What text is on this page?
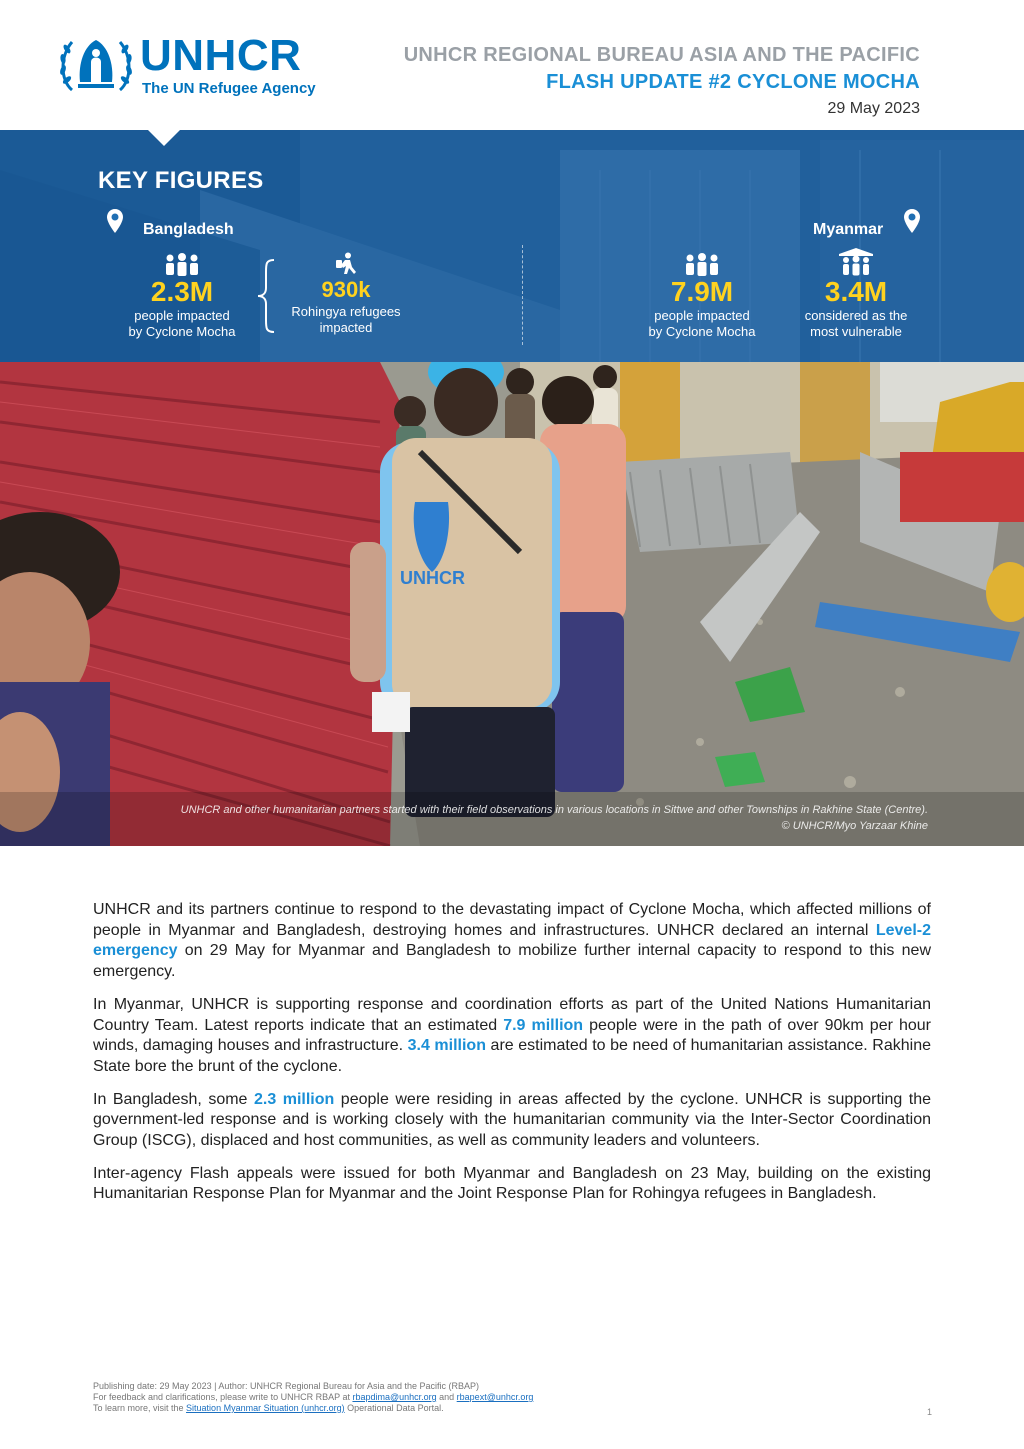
UNHCR
The UN Refugee Agency
UNHCR REGIONAL BUREAU ASIA AND THE PACIFIC
FLASH UPDATE #2 CYCLONE MOCHA
29 May 2023
KEY FIGURES
Bangladesh
2.3M
people impacted
by Cyclone Mocha
930k
Rohingya refugees
impacted
Myanmar
7.9M
people impacted
by Cyclone Mocha
3.4M
considered as the
most vulnerable
UNHCR
UNHCR and other humanitarian partners started with their field observations in various locations in Sittwe and other Townships in Rakhine State (Centre).
© UNHCR/Myo Yarzaar Khine

UNHCR and its partners continue to respond to the devastating impact of Cyclone Mocha, which affected millions of people in Myanmar and Bangladesh, destroying homes and infrastructures. UNHCR declared an internal Level-2 emergency on 29 May for Myanmar and Bangladesh to mobilize further internal capacity to respond to this new emergency.

In Myanmar, UNHCR is supporting response and coordination efforts as part of the United Nations Humanitarian Country Team. Latest reports indicate that an estimated 7.9 million people were in the path of over 90km per hour winds, damaging houses and infrastructure. 3.4 million are estimated to be need of humanitarian assistance. Rakhine State bore the brunt of the cyclone.

In Bangladesh, some 2.3 million people were residing in areas affected by the cyclone. UNHCR is supporting the government-led response and is working closely with the humanitarian community via the Inter-Sector Coordination Group (ISCG), displaced and host communities, as well as community leaders and volunteers.

Inter-agency Flash appeals were issued for both Myanmar and Bangladesh on 23 May, building on the existing Humanitarian Response Plan for Myanmar and the Joint Response Plan for Rohingya refugees in Bangladesh.

Publishing date: 29 May 2023 | Author: UNHCR Regional Bureau for Asia and the Pacific (RBAP)
For feedback and clarifications, please write to UNHCR RBAP at rbapdima@unhcr.org and rbapext@unhcr.org
To learn more, visit the Situation Myanmar Situation (unhcr.org) Operational Data Portal.	1
